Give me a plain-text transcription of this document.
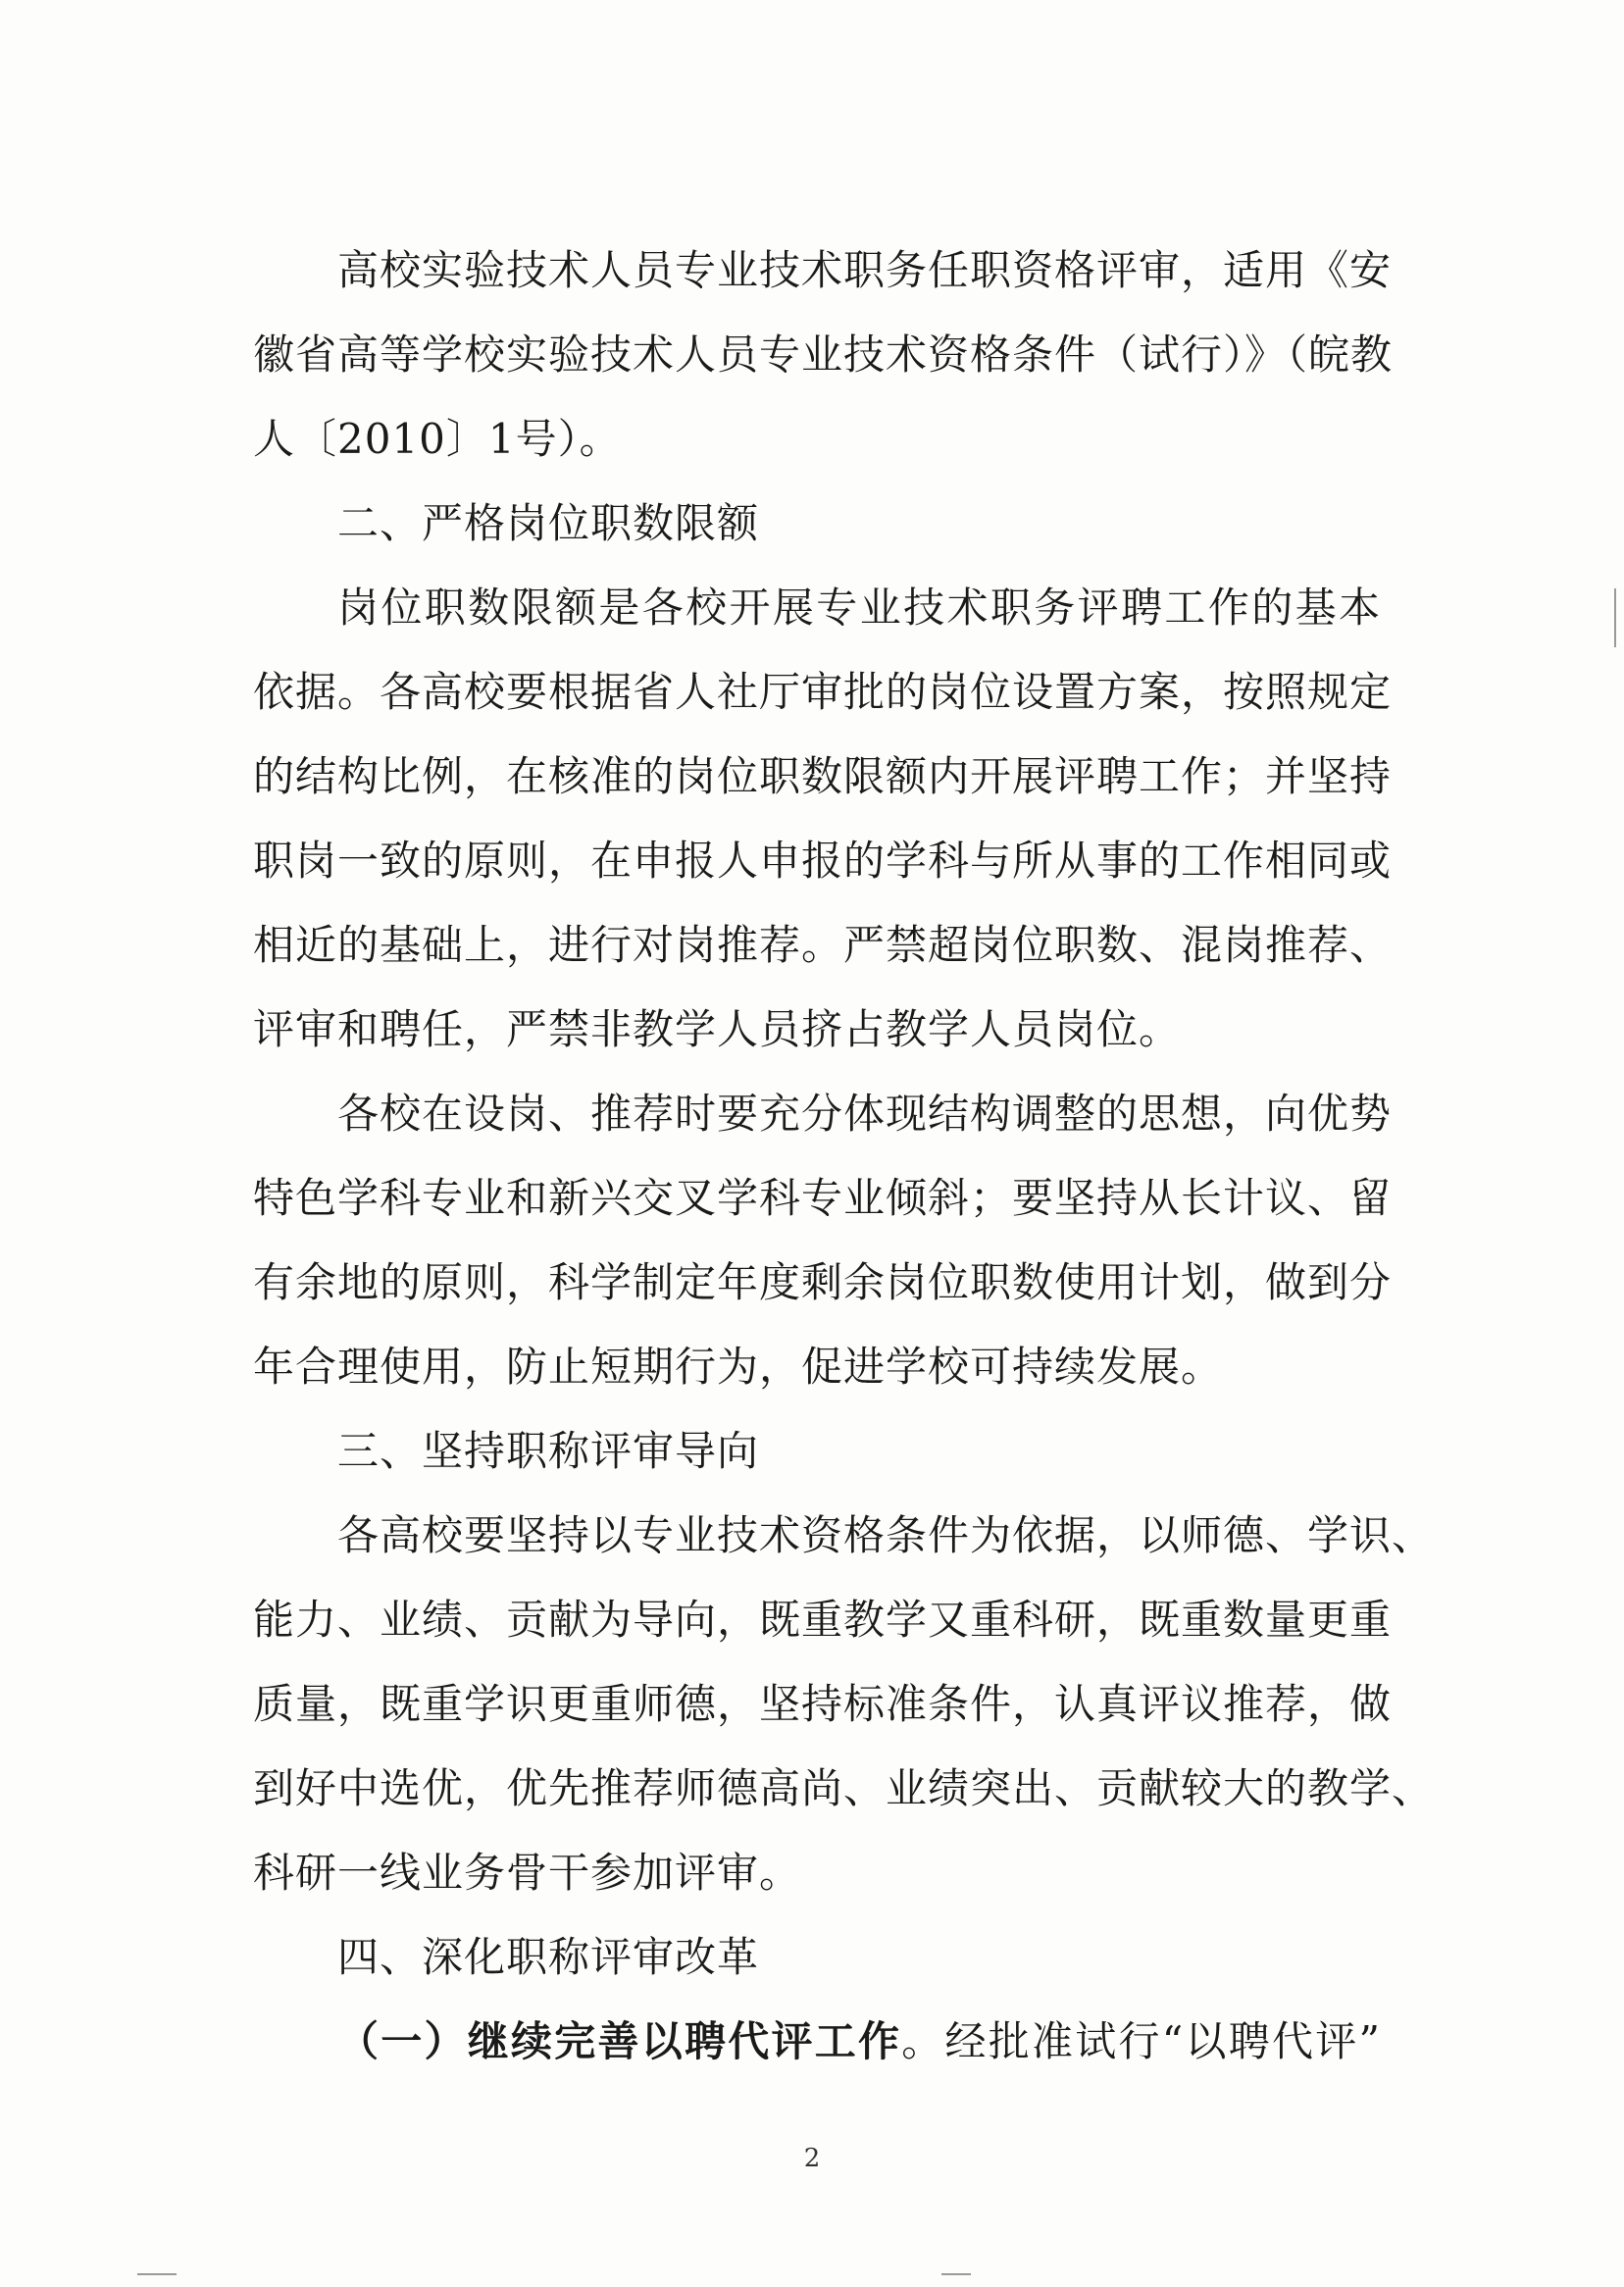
高校实验技术人员专业技术职务任职资格评审，适用《安
徽省高等学校实验技术人员专业技术资格条件（试行）》（皖教
人〔2010〕1号）。
二、严格岗位职数限额
岗位职数限额是各校开展专业技术职务评聘工作的基本
依据。各高校要根据省人社厅审批的岗位设置方案，按照规定
的结构比例，在核准的岗位职数限额内开展评聘工作；并坚持
职岗一致的原则，在申报人申报的学科与所从事的工作相同或
相近的基础上，进行对岗推荐。严禁超岗位职数、混岗推荐、
评审和聘任，严禁非教学人员挤占教学人员岗位。
各校在设岗、推荐时要充分体现结构调整的思想，向优势
特色学科专业和新兴交叉学科专业倾斜；要坚持从长计议、留
有余地的原则，科学制定年度剩余岗位职数使用计划，做到分
年合理使用，防止短期行为，促进学校可持续发展。
三、坚持职称评审导向
各高校要坚持以专业技术资格条件为依据，以师德、学识、
能力、业绩、贡献为导向，既重教学又重科研，既重数量更重
质量，既重学识更重师德，坚持标准条件，认真评议推荐，做
到好中选优，优先推荐师德高尚、业绩突出、贡献较大的教学、
科研一线业务骨干参加评审。
四、深化职称评审改革
（一）继续完善以聘代评工作。经批准试行“以聘代评”
2
